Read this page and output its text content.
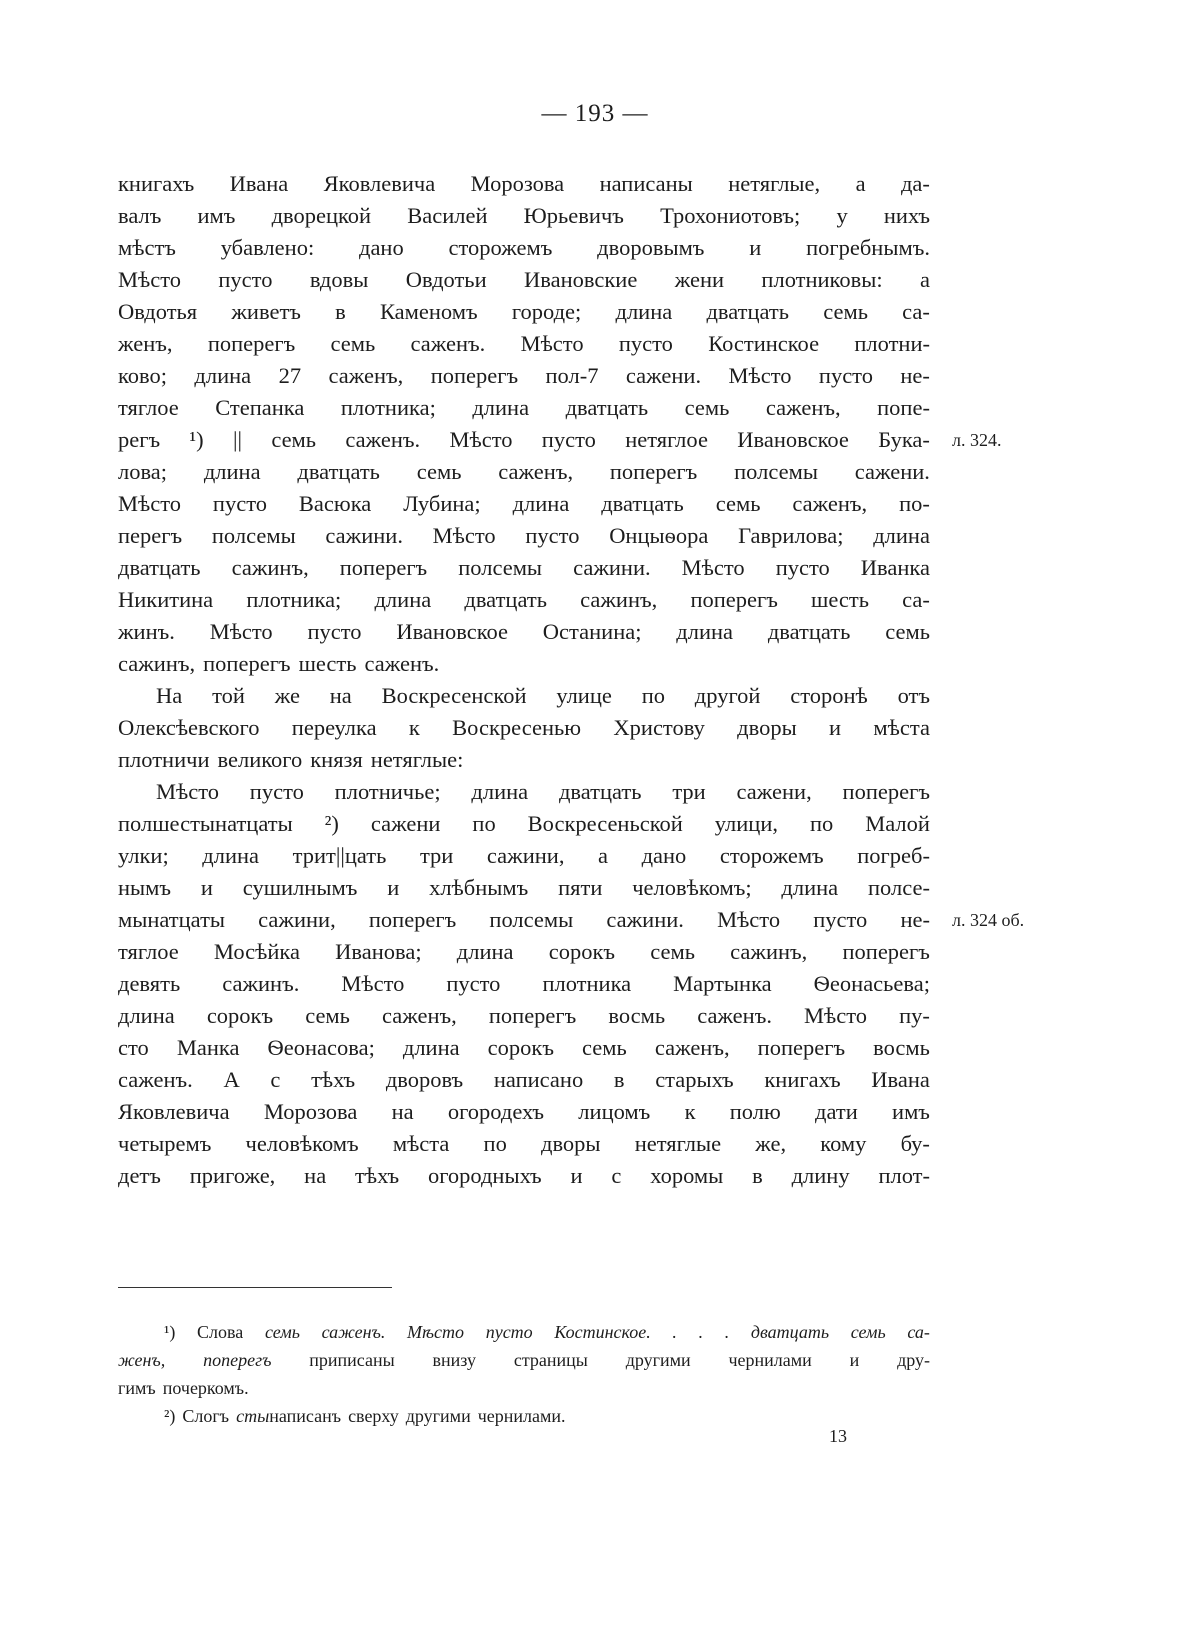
— 193 —
книгахъ Ивана Яковлевича Морозова написаны нетяглые, а да-
валъ имъ дворецкой Василей Юрьевичъ Трохониотовъ; у нихъ
мѣстъ убавлено: дано сторожемъ дворовымъ и погребнымъ.
Мѣсто пусто вдовы Овдотьи Ивановские жени плотниковы: а
Овдотья живетъ в Каменомъ городе; длина дватцать семь са-
женъ, поперегъ семь саженъ. Мѣсто пусто Костинское плотни-
ково; длина 27 саженъ, поперегъ пол-7 сажени. Мѣсто пусто не-
тяглое Степанка плотника; длина дватцать семь саженъ, попе-
регъ ¹) || семь саженъ. Мѣсто пусто нетяглое Ивановское Бука-
лова; длина дватцать семь саженъ, поперегъ полсемы сажени.
Мѣсто пусто Васюка Лубина; длина дватцать семь саженъ, по-
перегъ полсемы сажини. Мѣсто пусто Онцыѳора Гаврилова; длина
дватцать сажинъ, поперегъ полсемы сажини. Мѣсто пусто Иванка
Никитина плотника; длина дватцать сажинъ, поперегъ шесть са-
жинъ. Мѣсто пусто Ивановское Останина; длина дватцать семь
сажинъ, поперегъ шесть саженъ.
На той же на Воскресенской улице по другой сторонѣ отъ
Олексѣевского переулка к Воскресенью Христову дворы и мѣста
плотничи великого князя нетяглые:
Мѣсто пусто плотничье; длина дватцать три сажени, поперегъ
полшестынатцаты ²) сажени по Воскресеньской улици, по Малой
улки; длина трит||цать три сажини, а дано сторожемъ погреб-
нымъ и сушилнымъ и хлѣбнымъ пяти человѣкомъ; длина полсе-
мынатцаты сажини, поперегъ полсемы сажини. Мѣсто пусто не-
тяглое Мосѣйка Иванова; длина сорокъ семь сажинъ, поперегъ
девять сажинъ. Мѣсто пусто плотника Мартынка Ѳеонасьева;
длина сорокъ семь саженъ, поперегъ восмь саженъ. Мѣсто пу-
сто Манка Ѳеонасова; длина сорокъ семь саженъ, поперегъ восмь
саженъ. А с тѣхъ дворовъ написано в старыхъ книгахъ Ивана
Яковлевича Морозова на огородехъ лицомъ к полю дати имъ
четыремъ человѣкомъ мѣста по дворы нетяглые же, кому бу-
детъ пригоже, на тѣхъ огородныхъ и с хоромы в длину плот-
л. 324.
л. 324 об.
¹) Слова семь саженъ. Мѣсто пусто Костинское. . . . дватцать семь са-
женъ, поперегъ приписаны внизу страницы другими чернилами и дру-
гимъ почеркомъ.
²) Слогъ сты написанъ сверху другими чернилами.
13
